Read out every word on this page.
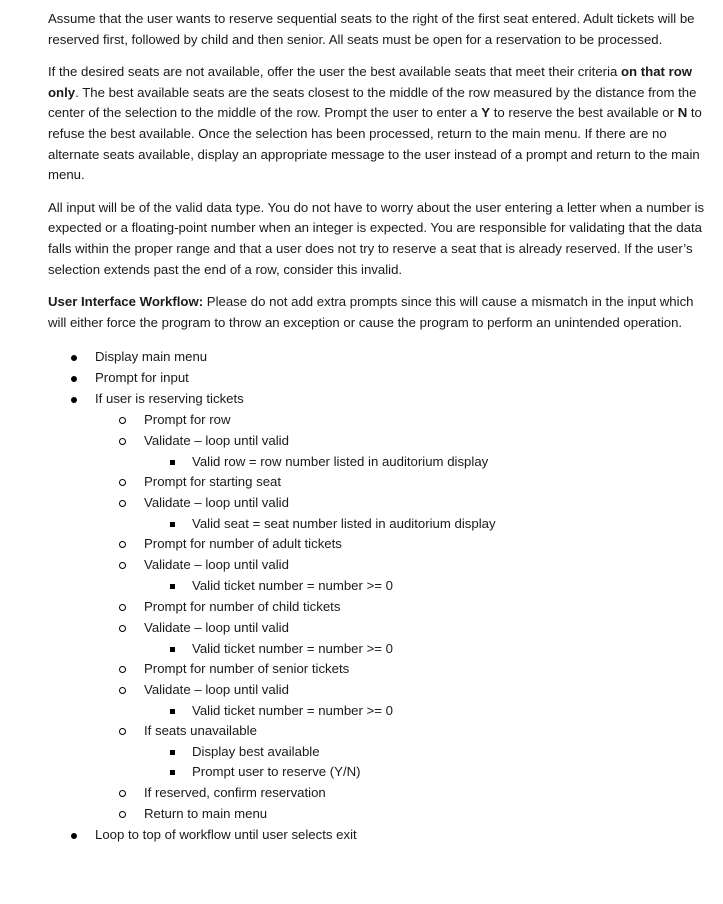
Assume that the user wants to reserve sequential seats to the right of the first seat entered. Adult tickets will be reserved first, followed by child and then senior. All seats must be open for a reservation to be processed.

If the desired seats are not available, offer the user the best available seats that meet their criteria on that row only. The best available seats are the seats closest to the middle of the row measured by the distance from the center of the selection to the middle of the row. Prompt the user to enter a Y to reserve the best available or N to refuse the best available. Once the selection has been processed, return to the main menu. If there are no alternate seats available, display an appropriate message to the user instead of a prompt and return to the main menu.

All input will be of the valid data type. You do not have to worry about the user entering a letter when a number is expected or a floating-point number when an integer is expected. You are responsible for validating that the data falls within the proper range and that a user does not try to reserve a seat that is already reserved. If the user’s selection extends past the end of a row, consider this invalid.

User Interface Workflow: Please do not add extra prompts since this will cause a mismatch in the input which will either force the program to throw an exception or cause the program to perform an unintended operation.

Display main menu
Prompt for input
If user is reserving tickets
Prompt for row
Validate – loop until valid
Valid row = row number listed in auditorium display
Prompt for starting seat
Validate – loop until valid
Valid seat = seat number listed in auditorium display
Prompt for number of adult tickets
Validate – loop until valid
Valid ticket number = number >= 0
Prompt for number of child tickets
Validate – loop until valid
Valid ticket number = number >= 0
Prompt for number of senior tickets
Validate – loop until valid
Valid ticket number = number >= 0
If seats unavailable
Display best available
Prompt user to reserve (Y/N)
If reserved, confirm reservation
Return to main menu
Loop to top of workflow until user selects exit
